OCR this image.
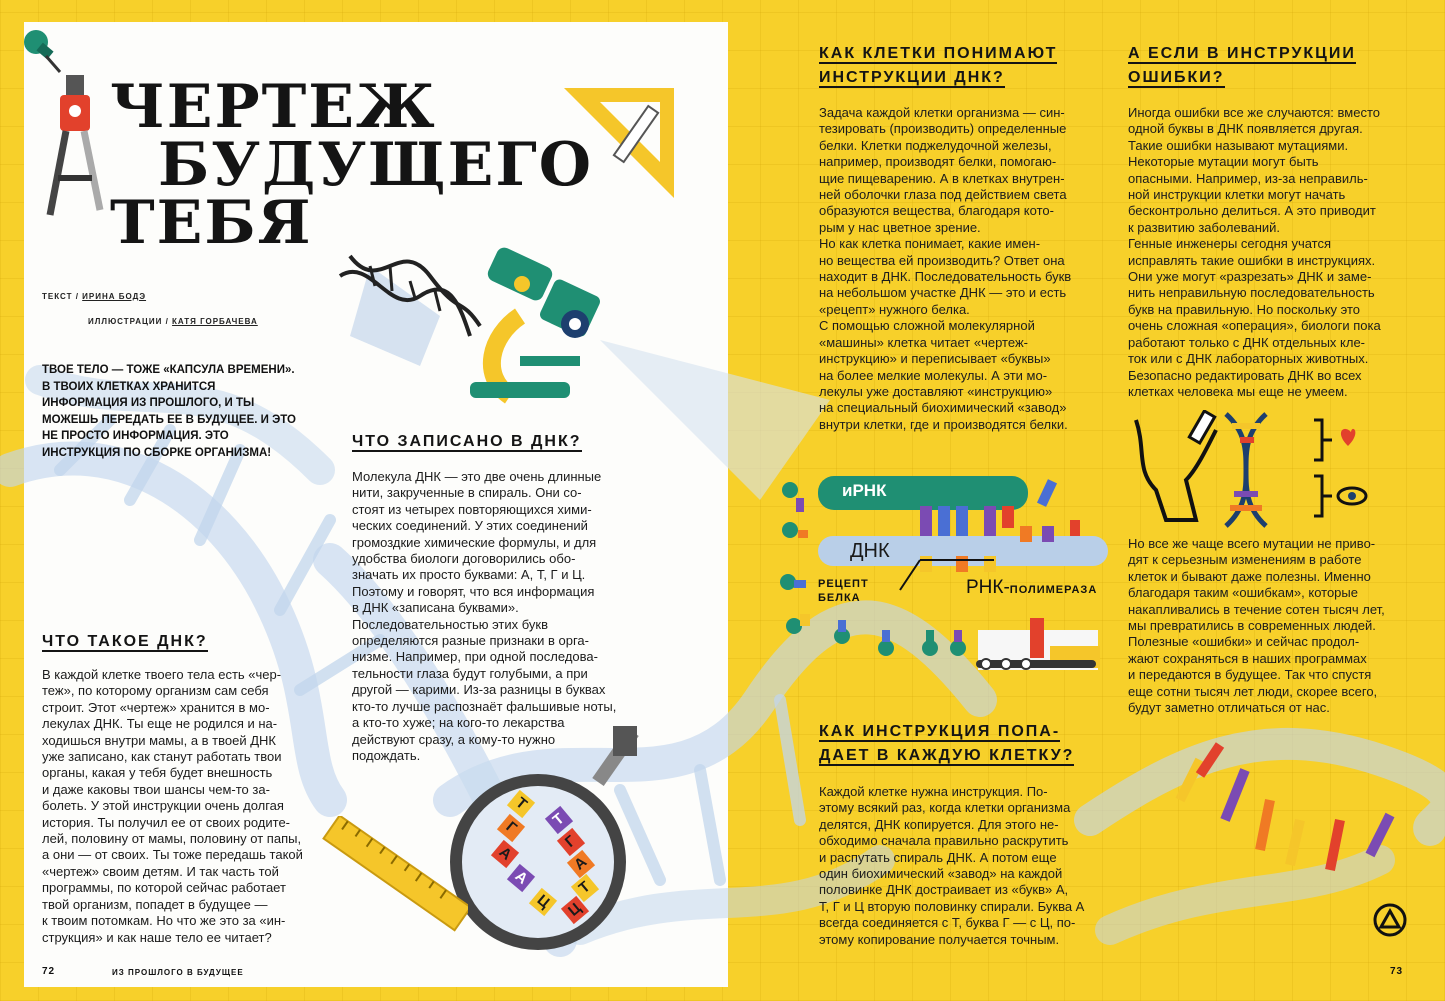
ЧЕРТЕЖ
БУДУЩЕГО
ТЕБЯ
ТЕКСТ / ИРИНА БОДЭ
ИЛЛЮСТРАЦИИ / КАТЯ ГОРБАЧЕВА
ТВОЕ ТЕЛО — ТОЖЕ «КАПСУЛА ВРЕМЕНИ». В ТВОИХ КЛЕТКАХ ХРАНИТСЯ ИНФОРМАЦИЯ ИЗ ПРОШЛОГО, И ТЫ МОЖЕШЬ ПЕРЕДАТЬ ЕЕ В БУДУЩЕЕ. И ЭТО НЕ ПРОСТО ИНФОРМАЦИЯ. ЭТО ИНСТРУКЦИЯ ПО СБОРКЕ ОРГАНИЗМА!
ЧТО ЗАПИСАНО В ДНК?
Молекула ДНК — это две очень длинные
нити, закрученные в спираль. Они со-
стоят из четырех повторяющихся хими-
ческих соединений. У этих соединений
громоздкие химические формулы, и для
удобства биологи договорились обо-
значать их просто буквами: А, Т, Г и Ц.
Поэтому и говорят, что вся информация
в ДНК «записана буквами».
Последовательностью этих букв
определяются разные признаки в орга-
низме. Например, при одной последова-
тельности глаза будут голубыми, а при
другой — карими. Из-за разницы в буквах
кто-то лучше распознаёт фальшивые ноты,
а кто-то хуже; на кого-то лекарства
действуют сразу, а кому-то нужно
подождать.
ЧТО ТАКОЕ ДНК?
В каждой клетке твоего тела есть «чер-
теж», по которому организм сам себя
строит. Этот «чертеж» хранится в мо-
лекулах ДНК. Ты еще не родился и на-
ходишься внутри мамы, а в твоей ДНК
уже записано, как станут работать твои
органы, какая у тебя будет внешность
и даже каковы твои шансы чем-то за-
болеть. У этой инструкции очень долгая
история. Ты получил ее от своих родите-
лей, половину от мамы, половину от папы,
а они — от своих. Ты тоже передашь такой
«чертеж» своим детям. И так часть той
программы, по которой сейчас работает
твой организм, попадет в будущее —
к твоим потомкам. Но что же это за «ин-
струкция» и как наше тело ее читает?
Т
Г
А
А
Ц
Т
Г
А
Т
Ц
72	ИЗ ПРОШЛОГО В БУДУЩЕЕ
КАК КЛЕТКИ ПОНИМАЮТ
ИНСТРУКЦИИ ДНК?
Задача каждой клетки организма — син-
тезировать (производить) определенные
белки. Клетки поджелудочной железы,
например, производят белки, помогаю-
щие пищеварению. А в клетках внутрен-
ней оболочки глаза под действием света
образуются вещества, благодаря кото-
рым у нас цветное зрение.
Но как клетка понимает, какие имен-
но вещества ей производить? Ответ она
находит в ДНК. Последовательность букв
на небольшом участке ДНК — это и есть
«рецепт» нужного белка.
С помощью сложной молекулярной
«машины» клетка читает «чертеж-
инструкцию» и переписывает «буквы»
на более мелкие молекулы. А эти мо-
лекулы уже доставляют «инструкцию»
на специальный биохимический «завод»
внутри клетки, где и производятся белки.
А ЕСЛИ В ИНСТРУКЦИИ
ОШИБКИ?
Иногда ошибки все же случаются: вместо
одной буквы в ДНК появляется другая.
Такие ошибки называют мутациями.
Некоторые мутации могут быть
опасными. Например, из-за неправиль-
ной инструкции клетки могут начать
бесконтрольно делиться. А это приводит
к развитию заболеваний.
Генные инженеры сегодня учатся
исправлять такие ошибки в инструкциях.
Они уже могут «разрезать» ДНК и заме-
нить неправильную последовательность
букв на правильную. Но поскольку это
очень сложная «операция», биологи пока
работают только с ДНК отдельных кле-
ток или с ДНК лабораторных животных.
Безопасно редактировать ДНК во всех
клетках человека мы еще не умеем.
Но все же чаще всего мутации не приво-
дят к серьезным изменениям в работе
клеток и бывают даже полезны. Именно
благодаря таким «ошибкам», которые
накапливались в течение сотен тысяч лет,
мы превратились в современных людей.
Полезные «ошибки» и сейчас продол-
жают сохраняться в наших программах
и передаются в будущее. Так что спустя
еще сотни тысяч лет люди, скорее всего,
будут заметно отличаться от нас.
иРНК
ДНК
РЕЦЕПТ
БЕЛКА	РНК-ПОЛИМЕРАЗА
КАК ИНСТРУКЦИЯ ПОПА-
ДАЕТ В КАЖДУЮ КЛЕТКУ?
Каждой клетке нужна инструкция. По-
этому всякий раз, когда клетки организма
делятся, ДНК копируется. Для этого не-
обходимо сначала правильно раскрутить
и распутать спираль ДНК. А потом еще
один биохимический «завод» на каждой
половинке ДНК достраивает из «букв» А,
Т, Г и Ц вторую половинку спирали. Буква А
всегда соединяется с Т, буква Г — с Ц, по-
этому копирование получается точным.
73
